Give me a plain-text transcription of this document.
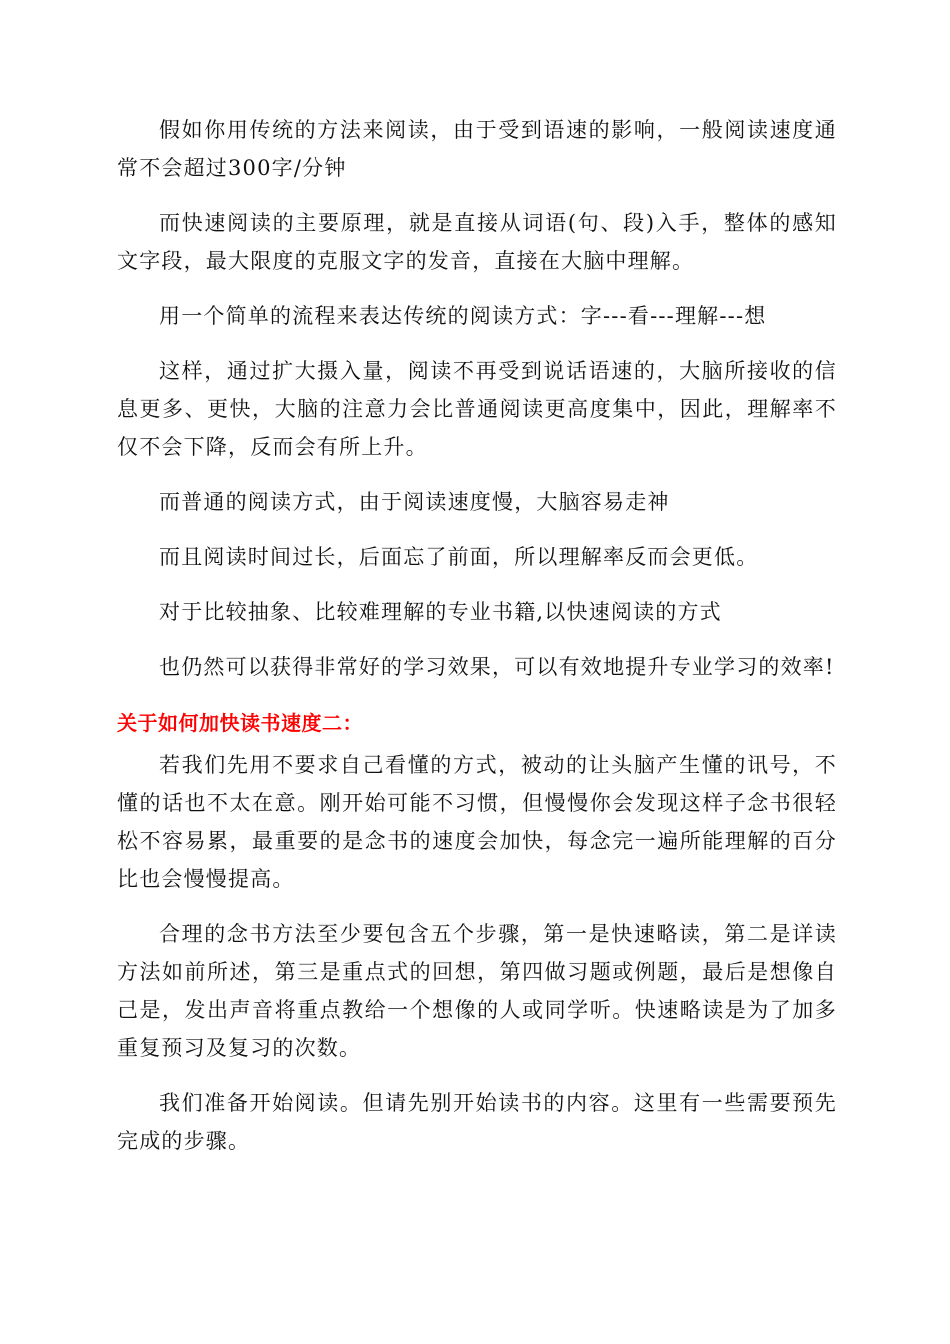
假如你用传统的方法来阅读，由于受到语速的影响，一般阅读速度通常不会超过300字/分钟

而快速阅读的主要原理，就是直接从词语(句、段)入手，整体的感知文字段，最大限度的克服文字的发音，直接在大脑中理解。

用一个简单的流程来表达传统的阅读方式：字---看---理解---想

这样，通过扩大摄入量，阅读不再受到说话语速的，大脑所接收的信息更多、更快，大脑的注意力会比普通阅读更高度集中，因此，理解率不仅不会下降，反而会有所上升。

而普通的阅读方式，由于阅读速度慢，大脑容易走神

而且阅读时间过长，后面忘了前面，所以理解率反而会更低。

对于比较抽象、比较难理解的专业书籍,以快速阅读的方式

也仍然可以获得非常好的学习效果，可以有效地提升专业学习的效率!

关于如何加快读书速度二：

若我们先用不要求自己看懂的方式，被动的让头脑产生懂的讯号，不懂的话也不太在意。刚开始可能不习惯，但慢慢你会发现这样子念书很轻松不容易累，最重要的是念书的速度会加快，每念完一遍所能理解的百分比也会慢慢提高。

合理的念书方法至少要包含五个步骤，第一是快速略读，第二是详读方法如前所述，第三是重点式的回想，第四做习题或例题，最后是想像自己是，发出声音将重点教给一个想像的人或同学听。快速略读是为了加多重复预习及复习的次数。

我们准备开始阅读。但请先别开始读书的内容。这里有一些需要预先完成的步骤。
